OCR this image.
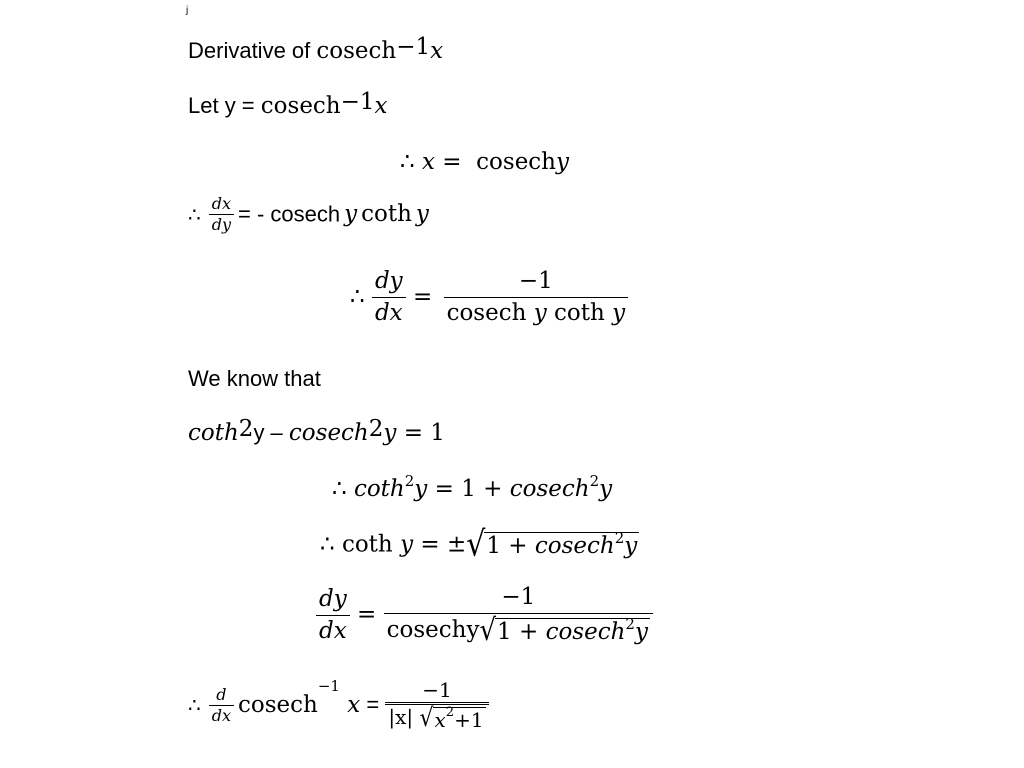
j
Derivative of cosech$^{-1}$x
Let y = cosech$^{-1}$x
∴ x = cosechy
∴ $\frac{dx}{dy}$ = - cosech y coth y
∴ $\frac{dy}{dx} = \frac{-1}{\text{cosech y coth y}}$
We know that
coth$^2$y – cosech$^2$y = 1
∴ coth$^2$y = 1 + cosech$^2$y
∴ coth y = ±√1 + cosech$^2$y
$\frac{dy}{dx} = \frac{-1}{cosechy√1 + cosech^2y}$
∴ $\frac{d}{dx} cosech^{-1}$ $x = \frac{-1}{|x| √x^2+1}$
